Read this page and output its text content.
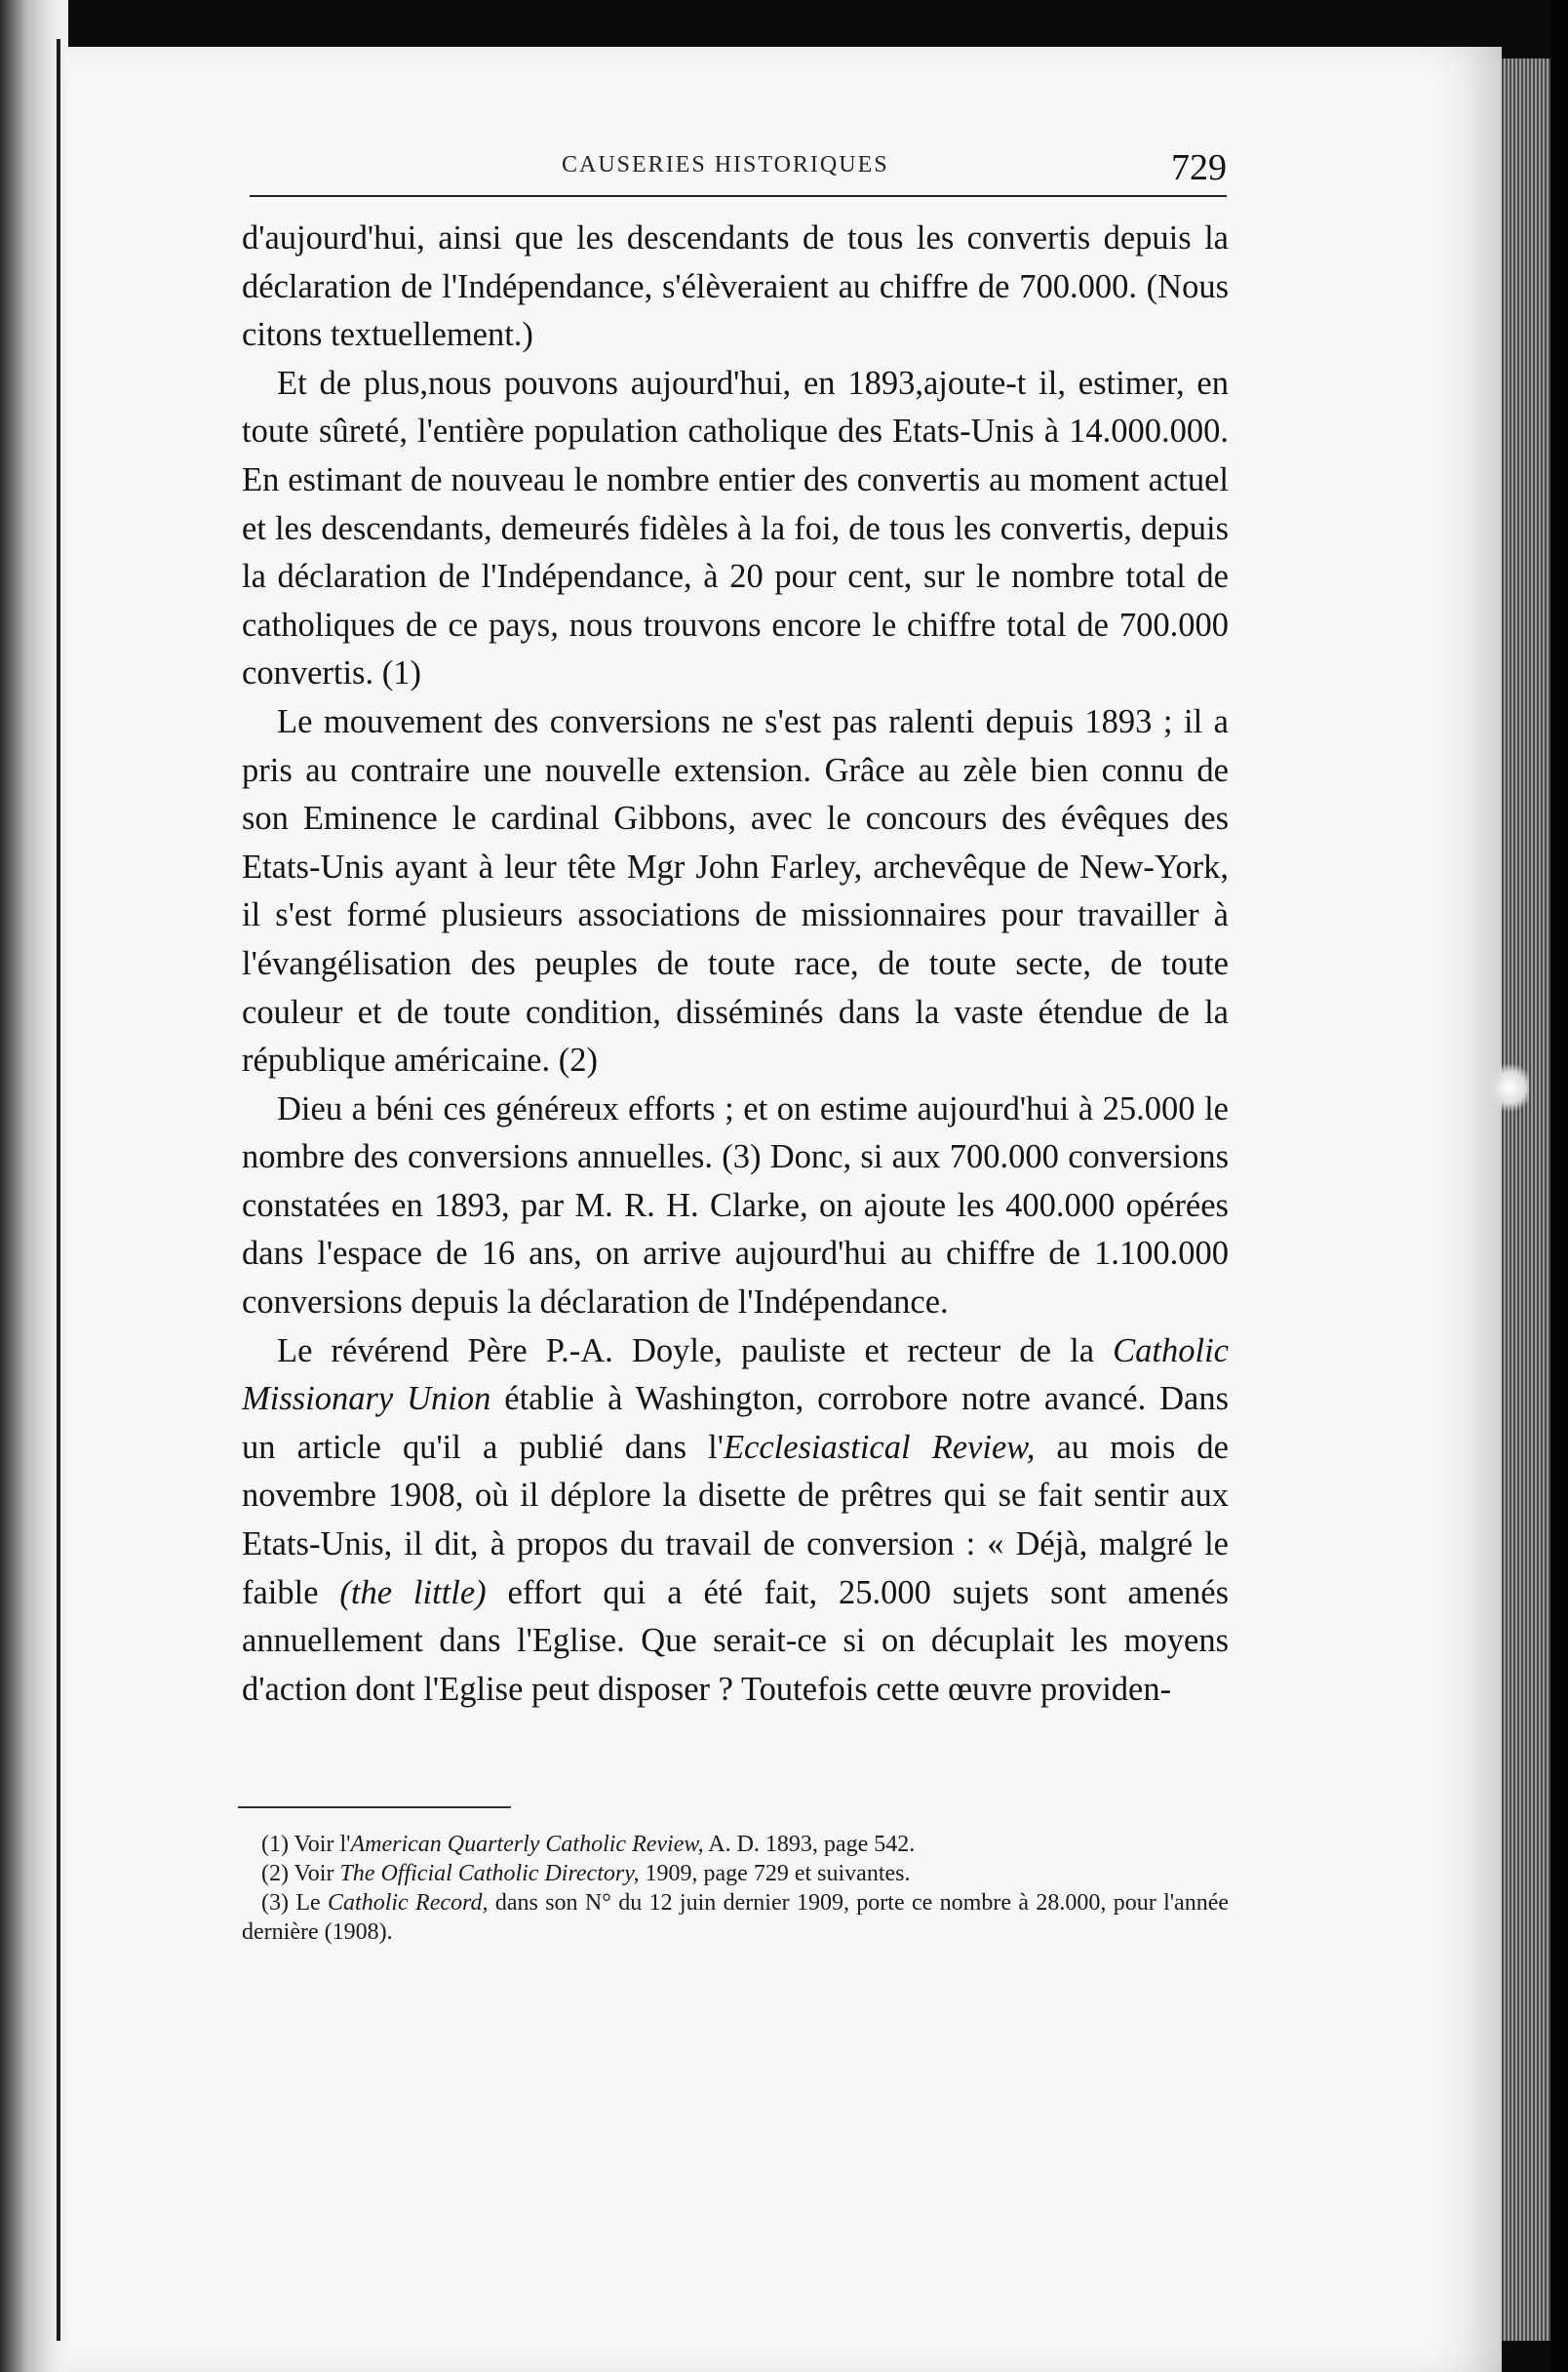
CAUSERIES HISTORIQUES	729

d'aujourd'hui, ainsi que les descendants de tous les convertis depuis la déclaration de l'Indépendance, s'élèveraient au chiffre de 700.000. (Nous citons textuellement.)

Et de plus,nous pouvons aujourd'hui, en 1893,ajoute-t il, estimer, en toute sûreté, l'entière population catholique des Etats-Unis à 14.000.000. En estimant de nouveau le nombre entier des convertis au moment actuel et les descendants, demeurés fidèles à la foi, de tous les convertis, depuis la déclaration de l'Indépendance, à 20 pour cent, sur le nombre total de catholiques de ce pays, nous trouvons encore le chiffre total de 700.000 convertis. (1)

Le mouvement des conversions ne s'est pas ralenti depuis 1893 ; il a pris au contraire une nouvelle extension. Grâce au zèle bien connu de son Eminence le cardinal Gibbons, avec le concours des évêques des Etats-Unis ayant à leur tête Mgr John Farley, archevêque de New-York, il s'est formé plusieurs associations de missionnaires pour travailler à l'évangélisation des peuples de toute race, de toute secte, de toute couleur et de toute condition, disséminés dans la vaste étendue de la république américaine. (2)

Dieu a béni ces généreux efforts ; et on estime aujourd'hui à 25.000 le nombre des conversions annuelles. (3) Donc, si aux 700.000 conversions constatées en 1893, par M. R. H. Clarke, on ajoute les 400.000 opérées dans l'espace de 16 ans, on arrive aujourd'hui au chiffre de 1.100.000 conversions depuis la déclaration de l'Indépendance.

Le révérend Père P.-A. Doyle, pauliste et recteur de la Catholic Missionary Union établie à Washington, corrobore notre avancé. Dans un article qu'il a publié dans l'Ecclesiastical Review, au mois de novembre 1908, où il déplore la disette de prêtres qui se fait sentir aux Etats-Unis, il dit, à propos du travail de conversion : « Déjà, malgré le faible (the little) effort qui a été fait, 25.000 sujets sont amenés annuellement dans l'Eglise. Que serait-ce si on décuplait les moyens d'action dont l'Eglise peut disposer ? Toutefois cette œuvre providen-

(1) Voir l'American Quarterly Catholic Review, A. D. 1893, page 542.

(2) Voir The Official Catholic Directory, 1909, page 729 et suivantes.

(3) Le Catholic Record, dans son N° du 12 juin dernier 1909, porte ce nombre à 28.000, pour l'année dernière (1908).
